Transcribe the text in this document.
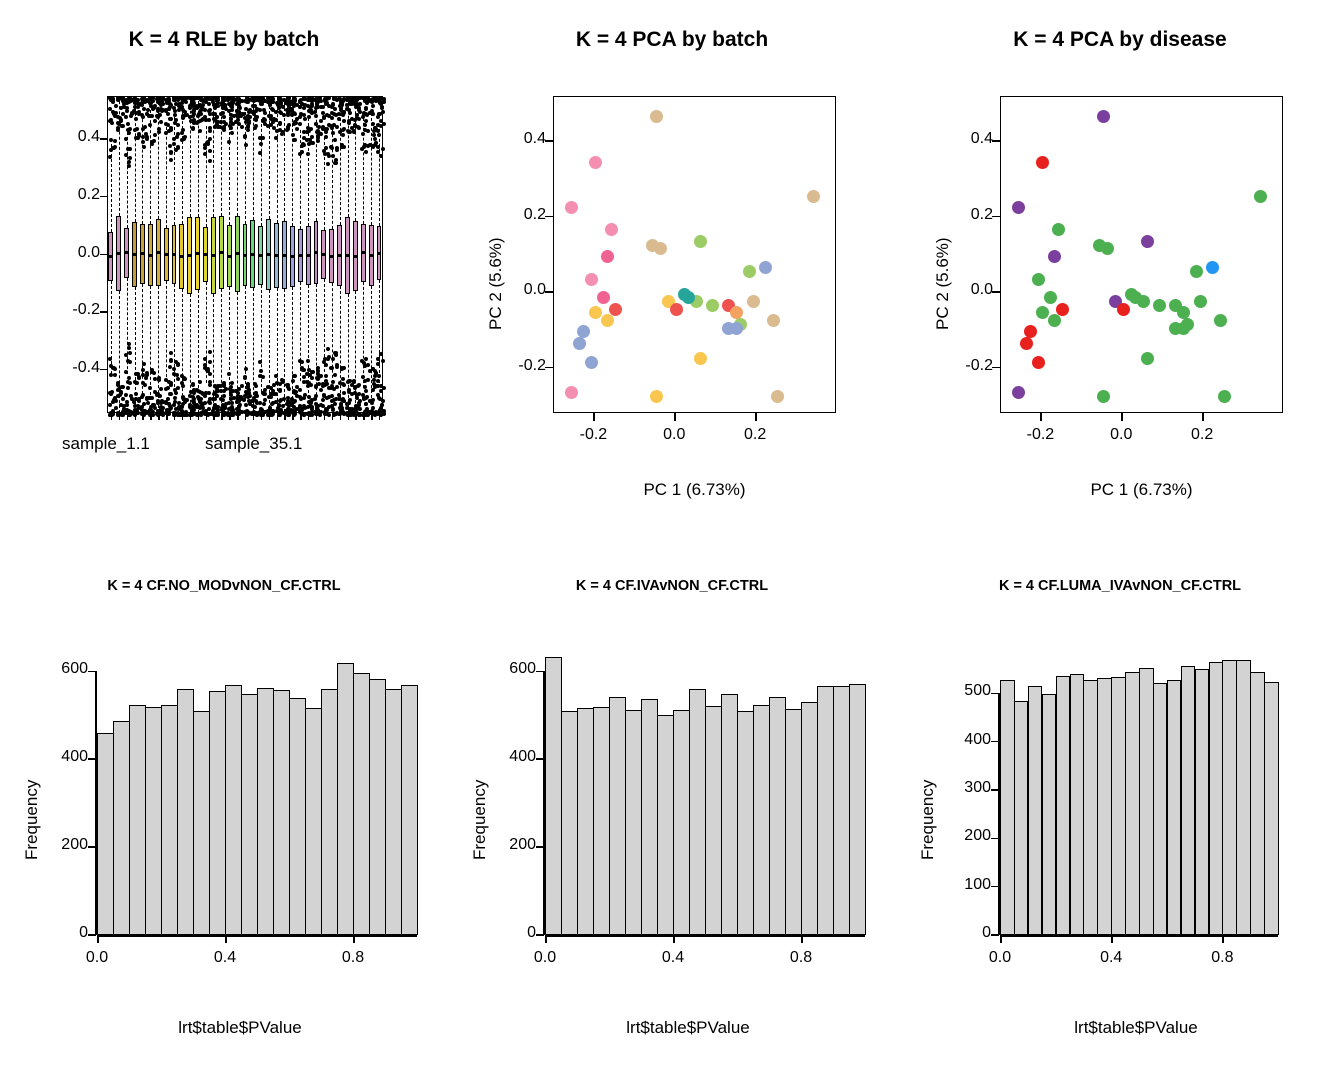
K = 4 RLE by batch
sample_1.1	sample_35.1
K = 4 PCA by batch
PC 1 (6.73%)
PC 2 (5.6%)
K = 4 PCA by disease
PC 1 (6.73%)
PC 2 (5.6%)
K = 4 CF.NO_MODvNON_CF.CTRL
lrt$table$PValue
Frequency
K = 4 CF.IVAvNON_CF.CTRL
lrt$table$PValue
Frequency
K = 4 CF.LUMA_IVAvNON_CF.CTRL
lrt$table$PValue
Frequency
-0.4
-0.2
0.0
0.2
0.4
-0.2	0.0	0.2
-0.2
0.0
0.2
0.4
-0.2	0.0	0.2
-0.2
0.0
0.2
0.4
0
200
400
600
0.0	0.4	0.8
0
200
400
600
0.0	0.4	0.8
0
100
200
300
400
500
0.0	0.4	0.8
